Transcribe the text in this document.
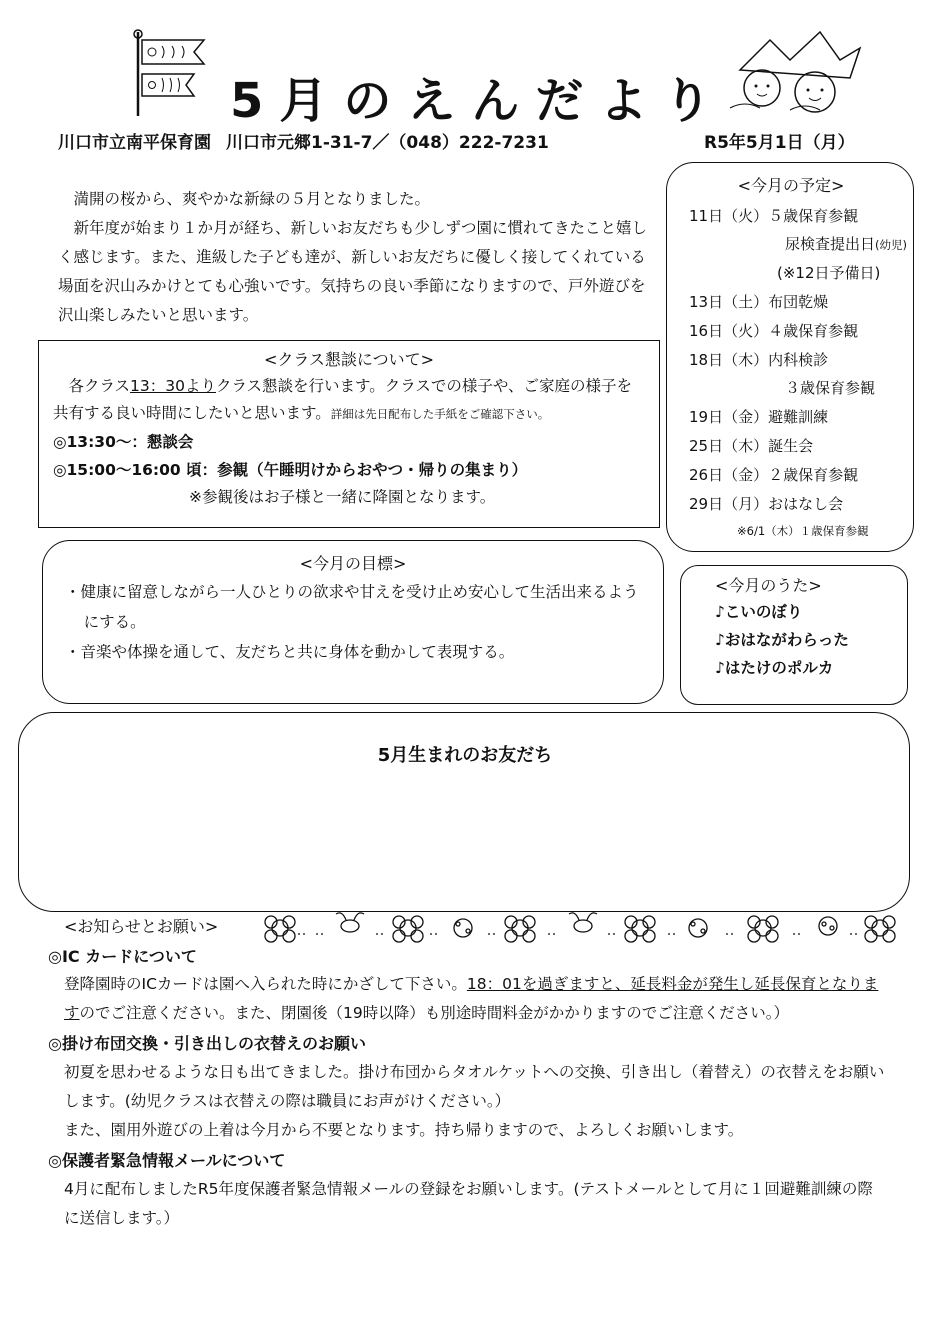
5月のえんだより
川口市立南平保育園 川口市元郷1-31-7／（048）222-7231	R5年5月1日（月）

満開の桜から、爽やかな新緑の５月となりました。

新年度が始まり１か月が経ち、新しいお友だちも少しずつ園に慣れてきたこと嬉しく感じます。また、進級した子ども達が、新しいお友だちに優しく接してくれている場面を沢山みかけとても心強いです。気持ちの良い季節になりますので、戸外遊びを沢山楽しみたいと思います。

<クラス懇談について>
各クラス13：30よりクラス懇談を行います。クラスでの様子や、ご家庭の様子を共有する良い時間にしたいと思います。詳細は先日配布した手紙をご確認下さい。
◎13:30～：懇談会
◎15:00～16:00 頃：参観（午睡明けからおやつ・帰りの集まり）
※参観後はお子様と一緒に降園となります。
<今月の予定>
11日（火）５歳保育参観
尿検査提出日(幼児)
(※12日予備日)
13日（土）布団乾燥
16日（火）４歳保育参観
18日（木）内科検診
３歳保育参観
19日（金）避難訓練
25日（木）誕生会
26日（金）２歳保育参観
29日（月）おはなし会
※6/1（木）１歳保育参観
<今月の目標>
・健康に留意しながら一人ひとりの欲求や甘えを受け止め安心して生活出来るようにする。
・音楽や体操を通して、友だちと共に身体を動かして表現する。
<今月のうた>
♪こいのぼり
♪おはながわらった
♪はたけのポルカ
5月生まれのお友だち
<お知らせとお願い>
◎IC カードについて
登降園時のICカードは園へ入られた時にかざして下さい。18：01を過ぎますと、延長料金が発生し延長保育となりますのでご注意ください。また、閉園後（19時以降）も別途時間料金がかかりますのでご注意ください。）
◎掛け布団交換・引き出しの衣替えのお願い
初夏を思わせるような日も出てきました。掛け布団からタオルケットへの交換、引き出し（着替え）の衣替えをお願いします。(幼児クラスは衣替えの際は職員にお声がけください。）
また、園用外遊びの上着は今月から不要となります。持ち帰りますので、よろしくお願いします。
◎保護者緊急情報メールについて
4月に配布しましたR5年度保護者緊急情報メールの登録をお願いします。(テストメールとして月に１回避難訓練の際に送信します。）
